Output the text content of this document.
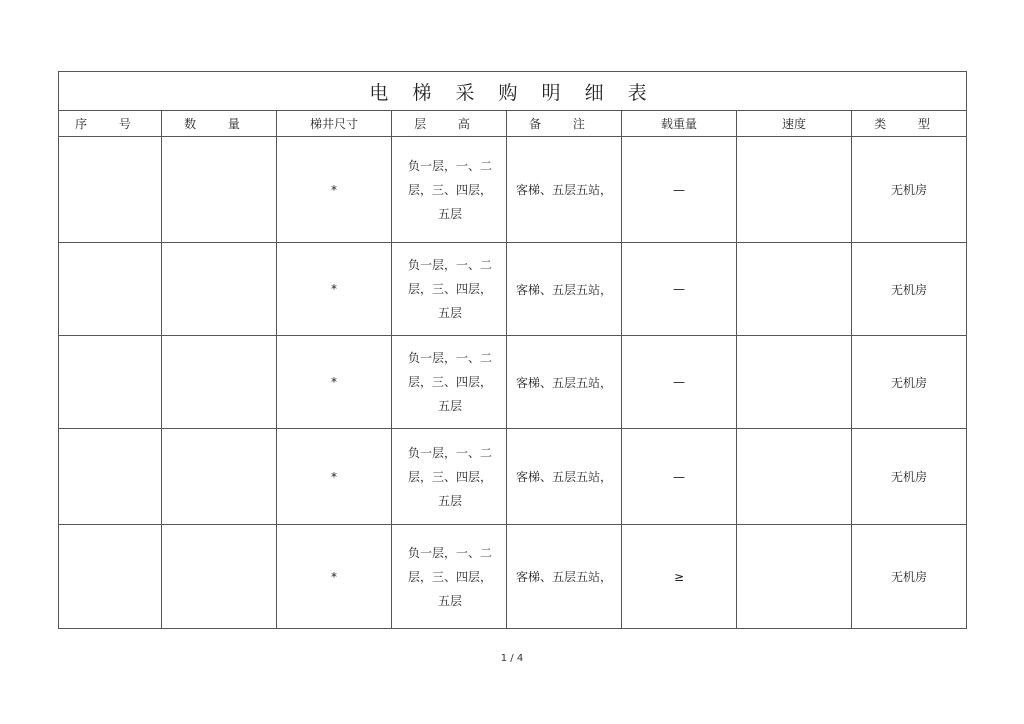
电 梯 采 购 明 细 表							
序 号	数 量	梯井尺寸	层 高	备 注	载重量	速度	类 型
		*	负一层，一、二
层，三、四层，
五层	客梯、五层五站，	—		无机房
		*	负一层，一、二
层，三、四层，
五层	客梯、五层五站，	—		无机房
		*	负一层，一、二
层，三、四层，
五层	客梯、五层五站，	—		无机房
		*	负一层，一、二
层，三、四层，
五层	客梯、五层五站，	—		无机房
		*	负一层，一、二
层，三、四层，
五层	客梯、五层五站，	≥		无机房
1 / 4
